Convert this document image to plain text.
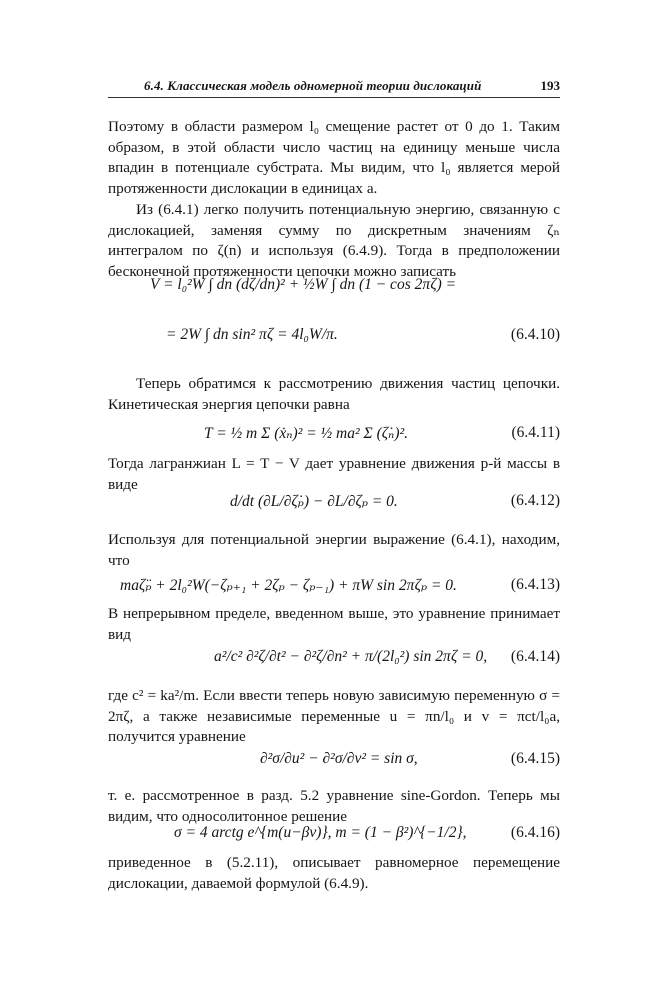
6.4. Классическая модель одномерной теории дислокаций	193
Поэтому в области размером l₀ смещение растет от 0 до 1. Таким образом, в этой области число частиц на единицу меньше числа впадин в потенциале субстрата. Мы видим, что l₀ является мерой протяженности дислокации в единицах a.
Из (6.4.1) легко получить потенциальную энергию, связанную с дислокацией, заменяя сумму по дискретным значениям ζₙ интегралом по ζ(n) и используя (6.4.9). Тогда в предположении бесконечной протяженности цепочки можно записать
V = l₀²W ∫ dn (dζ/dn)² + ½W ∫ dn (1 − cos 2πζ) =
= 2W ∫ dn sin² πζ = 4l₀W/π.	(6.4.10)
Теперь обратимся к рассмотрению движения частиц цепочки. Кинетическая энергия цепочки равна
T = ½ m Σ (ẋₙ)² = ½ ma² Σ (ζ̇ₙ)².	(6.4.11)
Тогда лагранжиан L = T − V дает уравнение движения p-й массы в виде
d/dt (∂L/∂ζ̇ₚ) − ∂L/∂ζₚ = 0.	(6.4.12)
Используя для потенциальной энергии выражение (6.4.1), находим, что
maζ̈ₚ + 2l₀²W(−ζₚ₊₁ + 2ζₚ − ζₚ₋₁) + πW sin 2πζₚ = 0.	(6.4.13)
В непрерывном пределе, введенном выше, это уравнение принимает вид
a²/c² ∂²ζ/∂t² − ∂²ζ/∂n² + π/(2l₀²) sin 2πζ = 0, (6.4.14)
где c² = ka²/m. Если ввести теперь новую зависимую переменную σ = 2πζ, а также независимые переменные u = πn/l₀ и v = πct/l₀a, получится уравнение
∂²σ/∂u² − ∂²σ/∂v² = sin σ,	(6.4.15)
т. е. рассмотренное в разд. 5.2 уравнение sine-Gordon. Теперь мы видим, что односолитонное решение
σ = 4 arctg e^{m(u−βv)}, m = (1 − β²)^{−1/2},	(6.4.16)
приведенное в (5.2.11), описывает равномерное перемещение дислокации, даваемой формулой (6.4.9).
